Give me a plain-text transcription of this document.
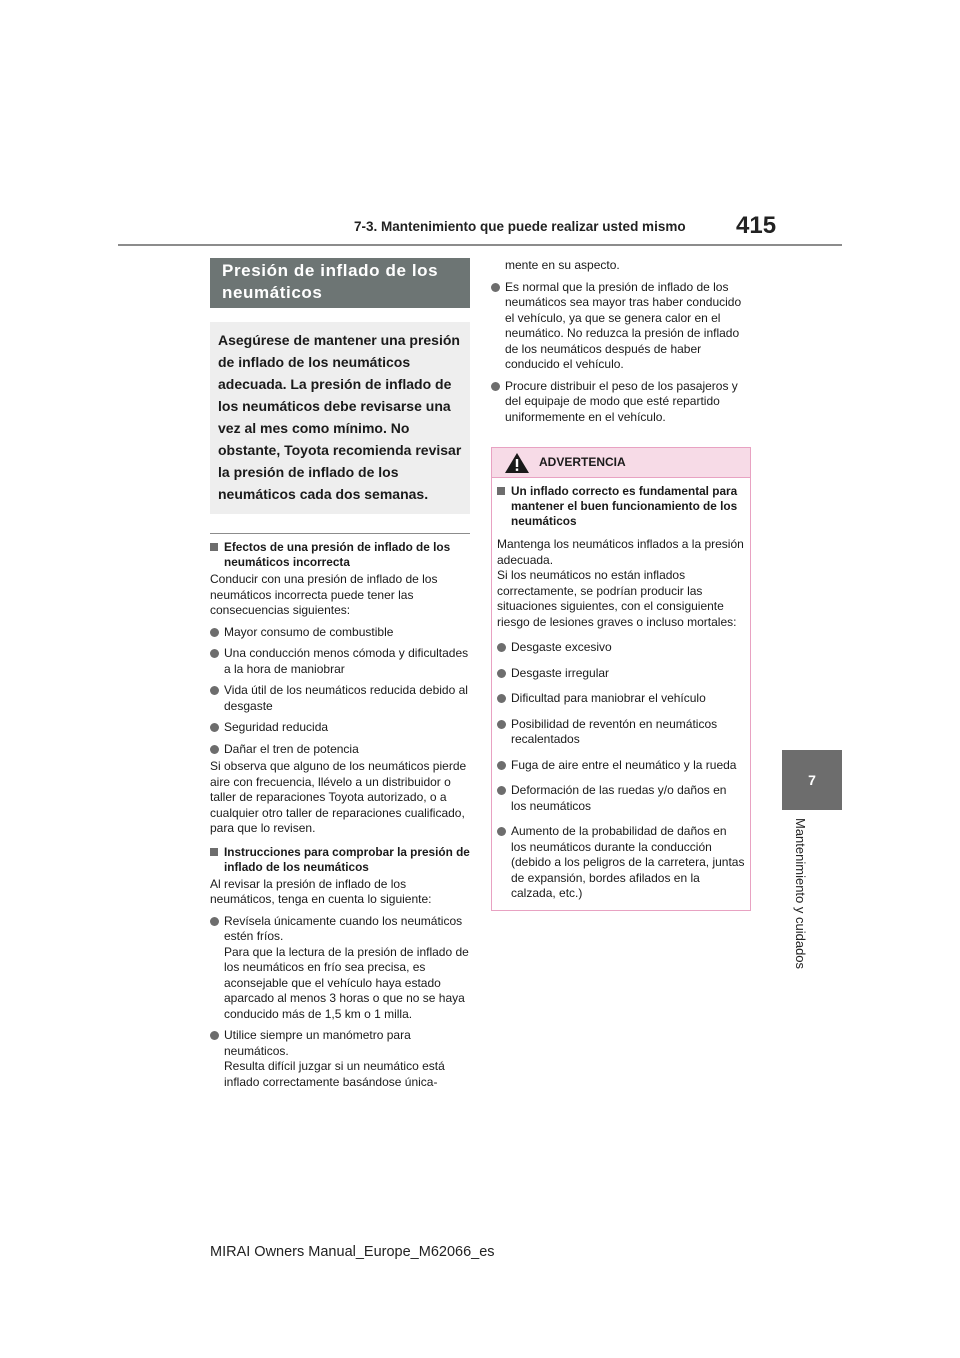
7-3. Mantenimiento que puede realizar usted mismo 415
7
Mantenimiento y cuidados
Presión de inflado de los neumáticos

Asegúrese de mantener una presión de inflado de los neumáticos adecuada. La presión de inflado de los neumáticos debe revisarse una vez al mes como mínimo. No obstante, Toyota recomienda revisar la presión de inflado de los neumáticos cada dos semanas.

Efectos de una presión de inflado de los neumáticos incorrecta

Conducir con una presión de inflado de los neumáticos incorrecta puede tener las consecuencias siguientes:

Mayor consumo de combustible
Una conducción menos cómoda y dificultades a la hora de maniobrar
Vida útil de los neumáticos reducida debido al desgaste
Seguridad reducida
Dañar el tren de potencia

Si observa que alguno de los neumáticos pierde aire con frecuencia, llévelo a un distribuidor o taller de reparaciones Toyota autorizado, o a cualquier otro taller de reparaciones cualificado, para que lo revisen.

Instrucciones para comprobar la presión de inflado de los neumáticos

Al revisar la presión de inflado de los neumáticos, tenga en cuenta lo siguiente:

Revísela únicamente cuando los neumáticos estén fríos.

Para que la lectura de la presión de inflado de los neumáticos en frío sea precisa, es aconsejable que el vehículo haya estado aparcado al menos 3 horas o que no se haya conducido más de 1,5 km o 1 milla.

Utilice siempre un manómetro para neumáticos.

Resulta difícil juzgar si un neumático está inflado correctamente basándose única-

mente en su aspecto.

Es normal que la presión de inflado de los neumáticos sea mayor tras haber conducido el vehículo, ya que se genera calor en el neumático. No reduzca la presión de inflado de los neumáticos después de haber conducido el vehículo.
Procure distribuir el peso de los pasajeros y del equipaje de modo que esté repartido uniformemente en el vehículo.
ADVERTENCIA
Un inflado correcto es fundamental para mantener el buen funcionamiento de los neumáticos

Mantenga los neumáticos inflados a la presión adecuada.

Si los neumáticos no están inflados correctamente, se podrían producir las situaciones siguientes, con el consiguiente riesgo de lesiones graves o incluso mortales:

Desgaste excesivo
Desgaste irregular
Dificultad para maniobrar el vehículo
Posibilidad de reventón en neumáticos recalentados
Fuga de aire entre el neumático y la rueda
Deformación de las ruedas y/o daños en los neumáticos
Aumento de la probabilidad de daños en los neumáticos durante la conducción (debido a los peligros de la carretera, juntas de expansión, bordes afilados en la calzada, etc.)
MIRAI Owners Manual_Europe_M62066_es
